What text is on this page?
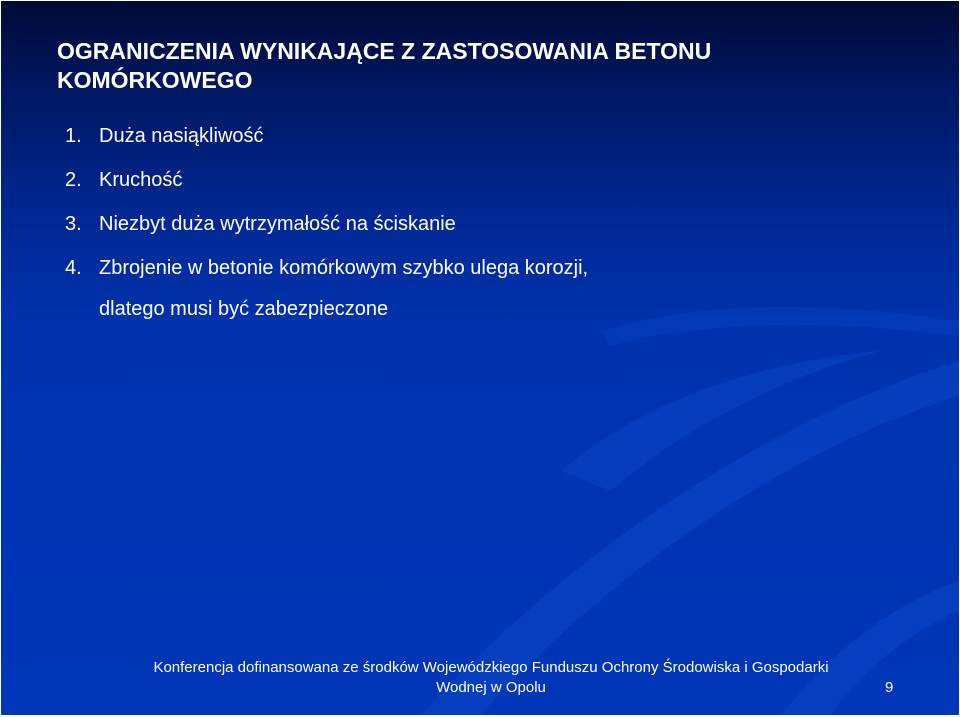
OGRANICZENIA WYNIKAJĄCE Z ZASTOSOWANIA BETONU
KOMÓRKOWEGO
1. Duża nasiąkliwość
2. Kruchość
3. Niezbyt duża wytrzymałość na ściskanie
4. Zbrojenie w betonie komórkowym szybko ulega korozji,
dlatego musi być zabezpieczone
Konferencja dofinansowana ze środków Wojewódzkiego Funduszu Ochrony Środowiska i Gospodarki
Wodnej w Opolu	9
